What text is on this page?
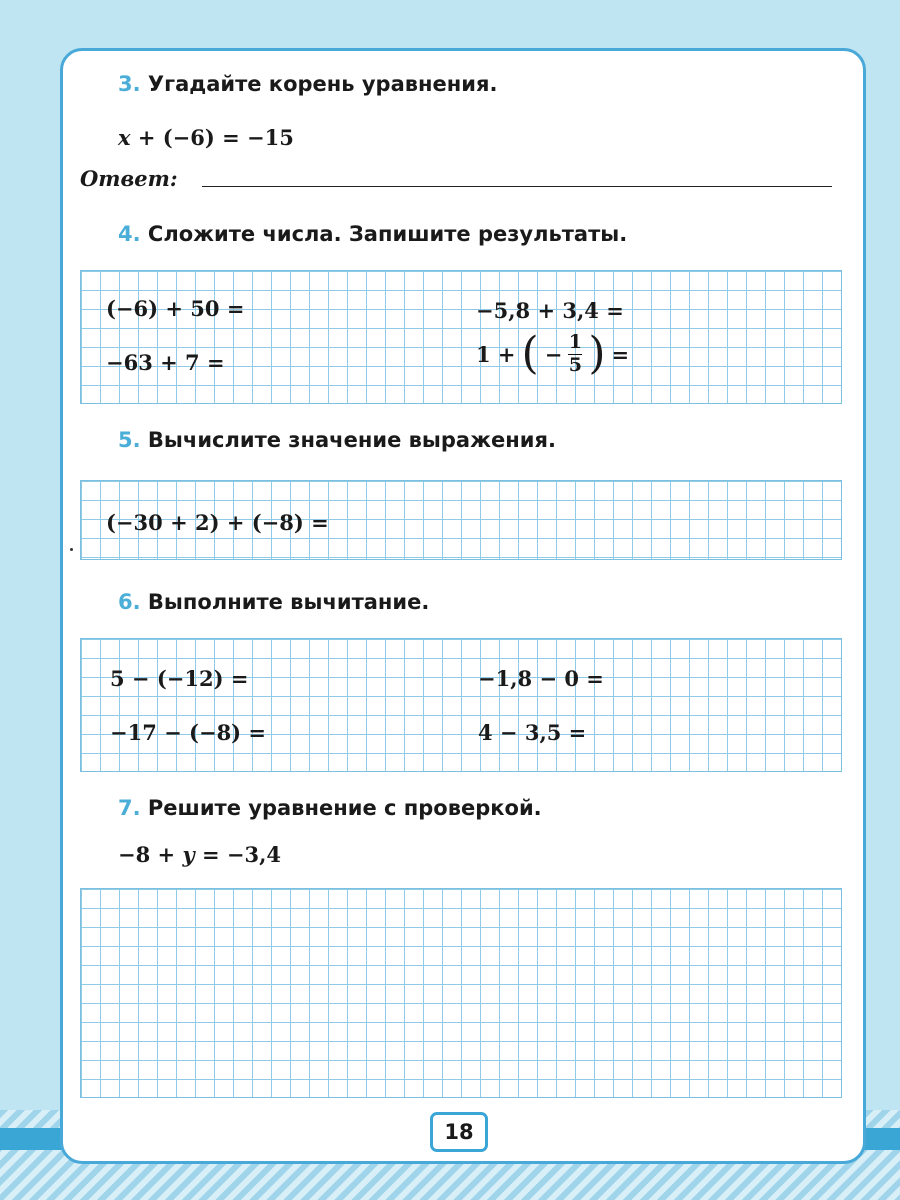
3. Угадайте корень уравнения.
x + (−6) = −15
Ответ:
4. Сложите числа. Запишите результаты.
(−6) + 50 =	−5,8 + 3,4 =
−63 + 7 =	1 + ( − $\frac{1}{5}$ ) =
5. Вычислите значение выражения.
(−30 + 2) + (−8) =
6. Выполните вычитание.
5 − (−12) =	−1,8 − 0 =
−17 − (−8) =	4 − 3,5 =
7. Решите уравнение с проверкой.
−8 + y = −3,4
18
